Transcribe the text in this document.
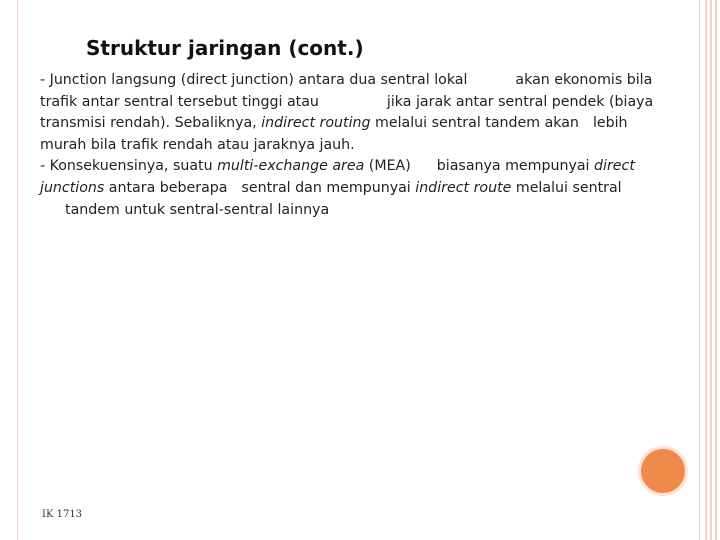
Struktur jaringan (cont.)
- Junction langsung (direct junction) antara dua sentral lokal	akan ekonomis bila
trafik antar sentral tersebut tinggi atau	jika jarak antar sentral pendek (biaya
transmisi rendah). Sebaliknya, indirect routing melalui sentral tandem akan lebih
murah bila trafik rendah atau jaraknya jauh.
- Konsekuensinya, suatu multi-exchange area (MEA) biasanya mempunyai direct
junctions antara beberapa sentral dan mempunyai indirect route melalui sentral
tandem untuk sentral-sentral lainnya
IK 1713
